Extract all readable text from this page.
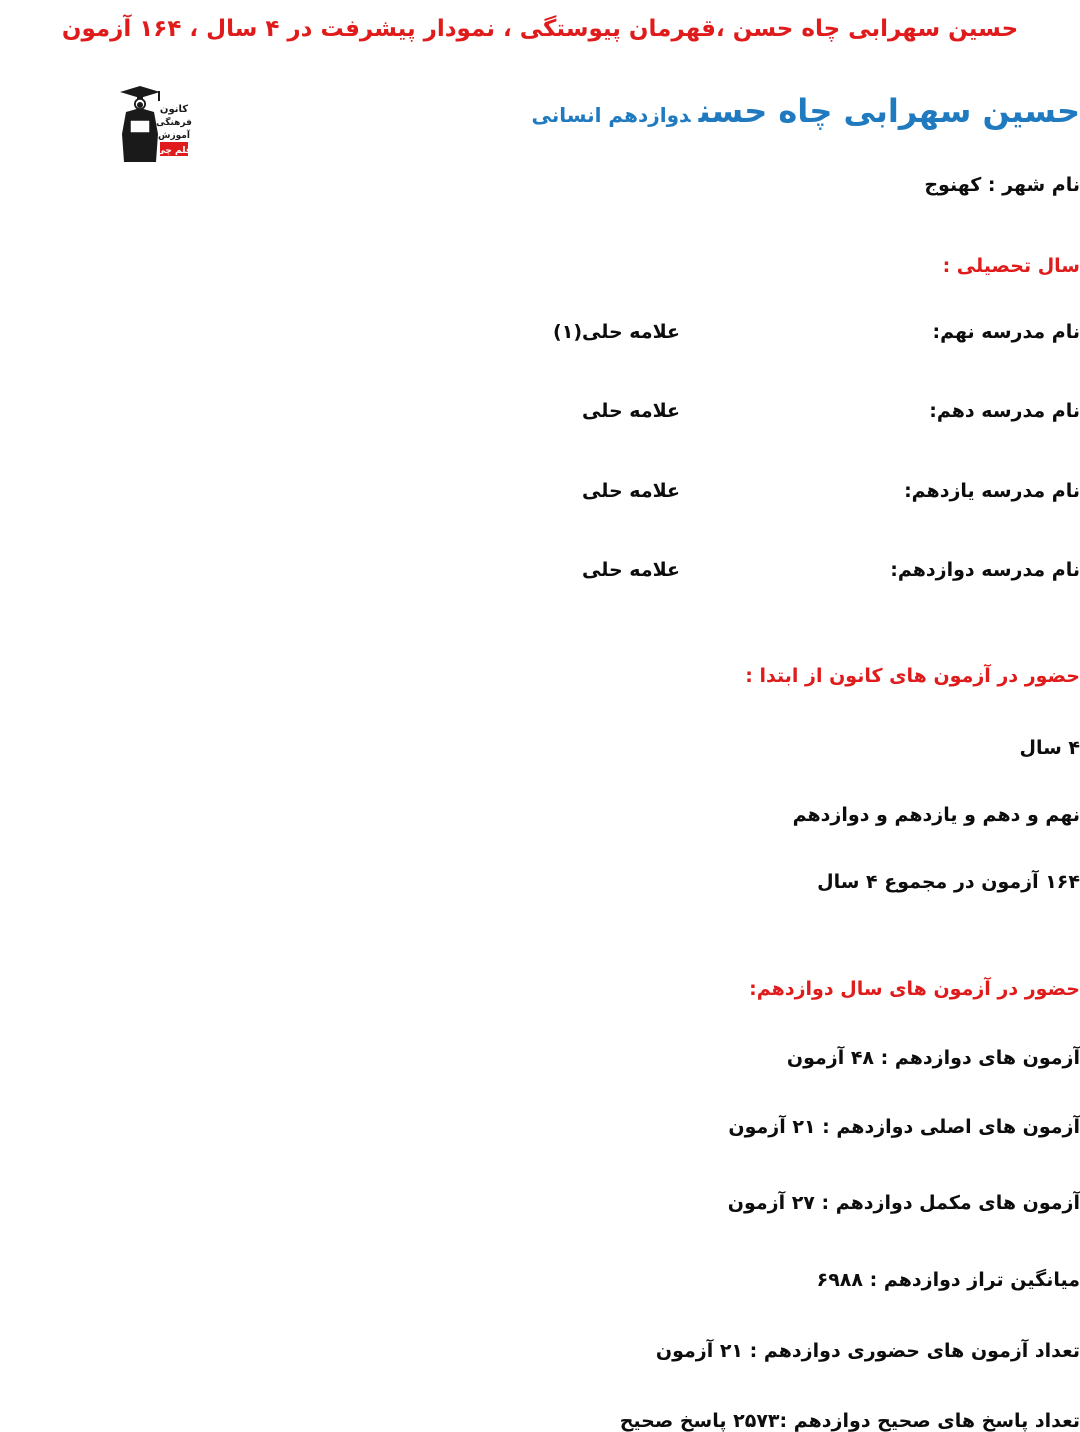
حسین سهرابی چاه حسن ،قهرمان پیوستگی ، نمودار پیشرفت در ۴ سال ، ۱۶۴ آزمون
کانون
فرهنگی
آموزش
قلم چی
حسین سهرابی چاه حسندوازدهم انسانی
نام شهر : کهنوج
سال تحصیلی :
نام مدرسه نهم:
علامه حلی(۱)
نام مدرسه دهم:
علامه حلی
نام مدرسه یازدهم:
علامه حلی
نام مدرسه دوازدهم:
علامه حلی
حضور در آزمون های کانون از ابتدا :
۴ سال
نهم و دهم و یازدهم و دوازدهم
۱۶۴ آزمون در مجموع ۴ سال
حضور در آزمون های سال دوازدهم:
آزمون های دوازدهم : ۴۸ آزمون
آزمون های اصلی دوازدهم : ۲۱ آزمون
آزمون های مکمل دوازدهم : ۲۷ آزمون
میانگین تراز دوازدهم : ۶۹۸۸
تعداد آزمون های حضوری دوازدهم : ۲۱ آزمون
تعداد پاسخ های صحیح دوازدهم :۲۵۷۳ پاسخ صحیح
